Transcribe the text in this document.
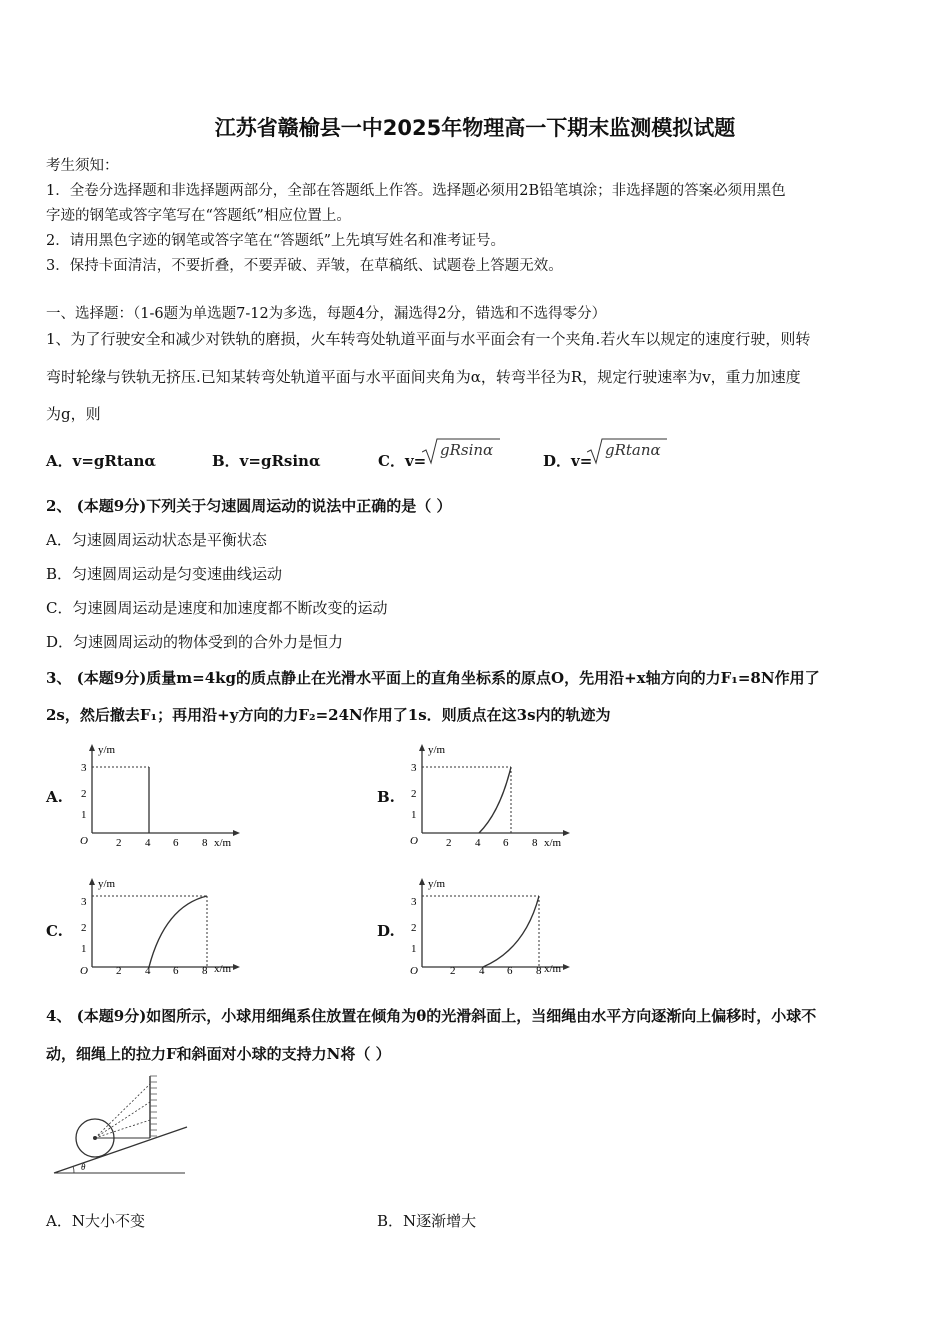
江苏省赣榆县一中2025年物理高一下期末监测模拟试题
考生须知：
1．全卷分选择题和非选择题两部分，全部在答题纸上作答。选择题必须用2B铅笔填涂；非选择题的答案必须用黑色
字迹的钢笔或答字笔写在“答题纸”相应位置上。
2．请用黑色字迹的钢笔或答字笔在“答题纸”上先填写姓名和准考证号。
3．保持卡面清洁，不要折叠，不要弄破、弄皱，在草稿纸、试题卷上答题无效。
一、选择题：（1-6题为单选题7-12为多选，每题4分，漏选得2分，错选和不选得零分）
1、为了行驶安全和减少对铁轨的磨损，火车转弯处轨道平面与水平面会有一个夹角.若火车以规定的速度行驶，则转
弯时轮缘与铁轨无挤压.已知某转弯处轨道平面与水平面间夹角为α，转弯半径为R，规定行驶速率为v，重力加速度
为g，则
A．v=gRtanα	B．v=gRsinα	C．v=
gRsinα
D．v=
gRtanα
2、 (本题9分)下列关于匀速圆周运动的说法中正确的是（ ）
A．匀速圆周运动状态是平衡状态
B．匀速圆周运动是匀变速曲线运动
C．匀速圆周运动是速度和加速度都不断改变的运动
D．匀速圆周运动的物体受到的合外力是恒力
3、 (本题9分)质量m=4kg的质点静止在光滑水平面上的直角坐标系的原点O，先用沿+x轴方向的力F₁=8N作用了
2s，然后撤去F₁；再用沿+y方向的力F₂=24N作用了1s．则质点在这3s内的轨迹为
A.	B.
C.	D.
y/m
x/m
O	2 4 6 8
1
2
3
y/m
x/m
O	2 4 6 8
1
2
3
y/m
x/m
O	2 4 6 8
1
2
3
y/m
x/m
O	2 4 6 8
1
2
3
4、 (本题9分)如图所示，小球用细绳系住放置在倾角为θ的光滑斜面上，当细绳由水平方向逐渐向上偏移时，小球不
动，细绳上的拉力F和斜面对小球的支持力N将（ ）
θ
A．N大小不变	B．N逐渐增大
